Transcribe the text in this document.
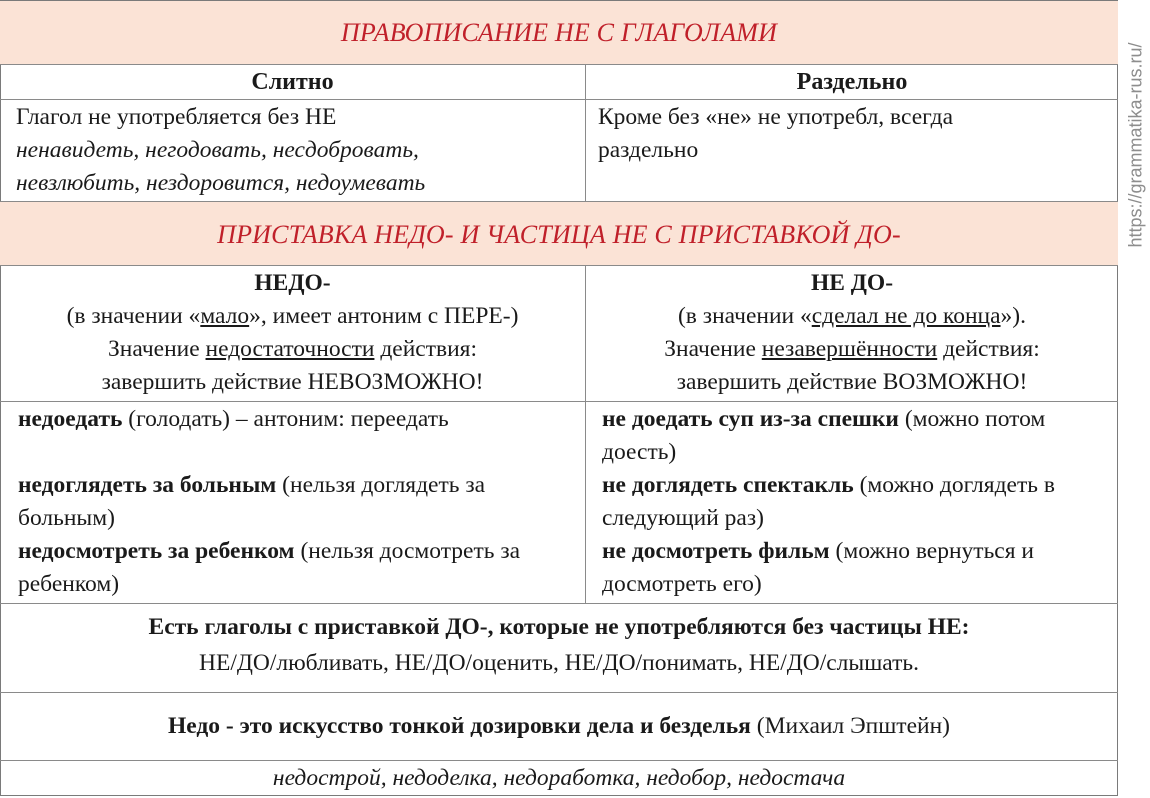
ПРАВОПИСАНИЕ НЕ С ГЛАГОЛАМИ
Слитно	Раздельно
Глагол не употребляется без НЕ
ненавидеть, негодовать, несдобровать,
невзлюбить, нездоровится, недоумевать
Кроме без «не» не употребл, всегда
раздельно
ПРИСТАВКА НЕДО- И ЧАСТИЦА НЕ С ПРИСТАВКОЙ ДО-
НЕДО-
(в значении «мало», имеет антоним с ПЕРЕ-)
Значение недостаточности действия:
завершить действие НЕВОЗМОЖНО!
НЕ ДО-
(в значении «сделал не до конца»).
Значение незавершённости действия:
завершить действие ВОЗМОЖНО!
недоедать (голодать) – антоним: переедать
недоглядеть за больным (нельзя доглядеть за больным)
недосмотреть за ребенком (нельзя досмотреть за ребенком)
не доедать суп из-за спешки (можно потом доесть)
не доглядеть спектакль (можно доглядеть в следующий раз)
не досмотреть фильм (можно вернуться и досмотреть его)
Есть глаголы с приставкой ДО-, которые не употребляются без частицы НЕ:
НЕ/ДО/любливать, НЕ/ДО/оценить, НЕ/ДО/понимать, НЕ/ДО/слышать.
Недо - это искусство тонкой дозировки дела и безделья (Михаил Эпштейн)
недострой, недоделка, недоработка, недобор, недостача
https://grammatika-rus.ru/
